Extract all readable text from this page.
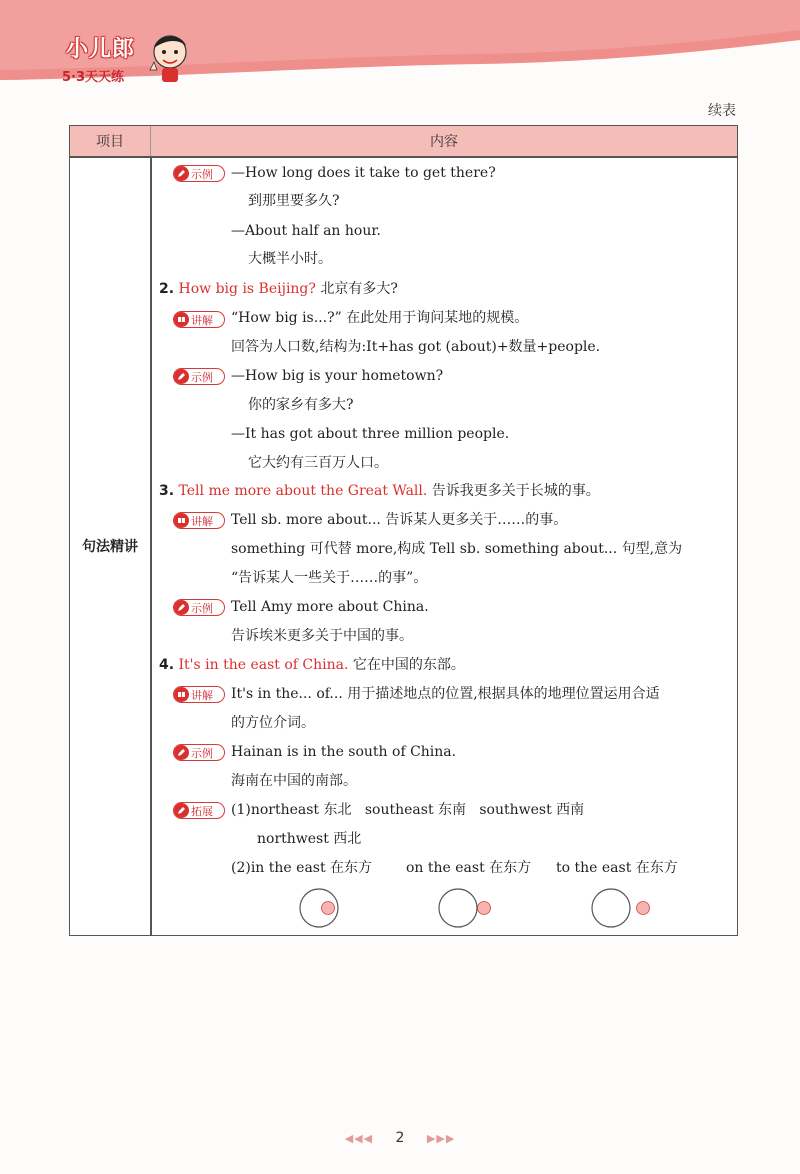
小儿郎
5·3天天练
续表
项目	内容
句法精讲
示例 —How long does it take to get there?
到那里要多久?
—About half an hour.
大概半小时。
2. How big is Beijing? 北京有多大?
讲解 “How big is...?” 在此处用于询问某地的规模。
回答为人口数,结构为:It+has got (about)+数量+people.
示例 —How big is your hometown?
你的家乡有多大?
—It has got about three million people.
它大约有三百万人口。
3. Tell me more about the Great Wall. 告诉我更多关于长城的事。
讲解 Tell sb. more about... 告诉某人更多关于……的事。
something 可代替 more,构成 Tell sb. something about... 句型,意为
“告诉某人一些关于……的事”。
示例 Tell Amy more about China.
告诉埃米更多关于中国的事。
4. It's in the east of China. 它在中国的东部。
讲解 It's in the... of... 用于描述地点的位置,根据具体的地理位置运用合适
的方位介词。
示例 Hainan is in the south of China.
海南在中国的南部。
拓展 (1)northeast 东北   southeast 东南   southwest 西南
northwest 西北
(2)in the east 在东方 on the east 在东方 to the east 在东方
◀◀◀ 2 ▶▶▶
